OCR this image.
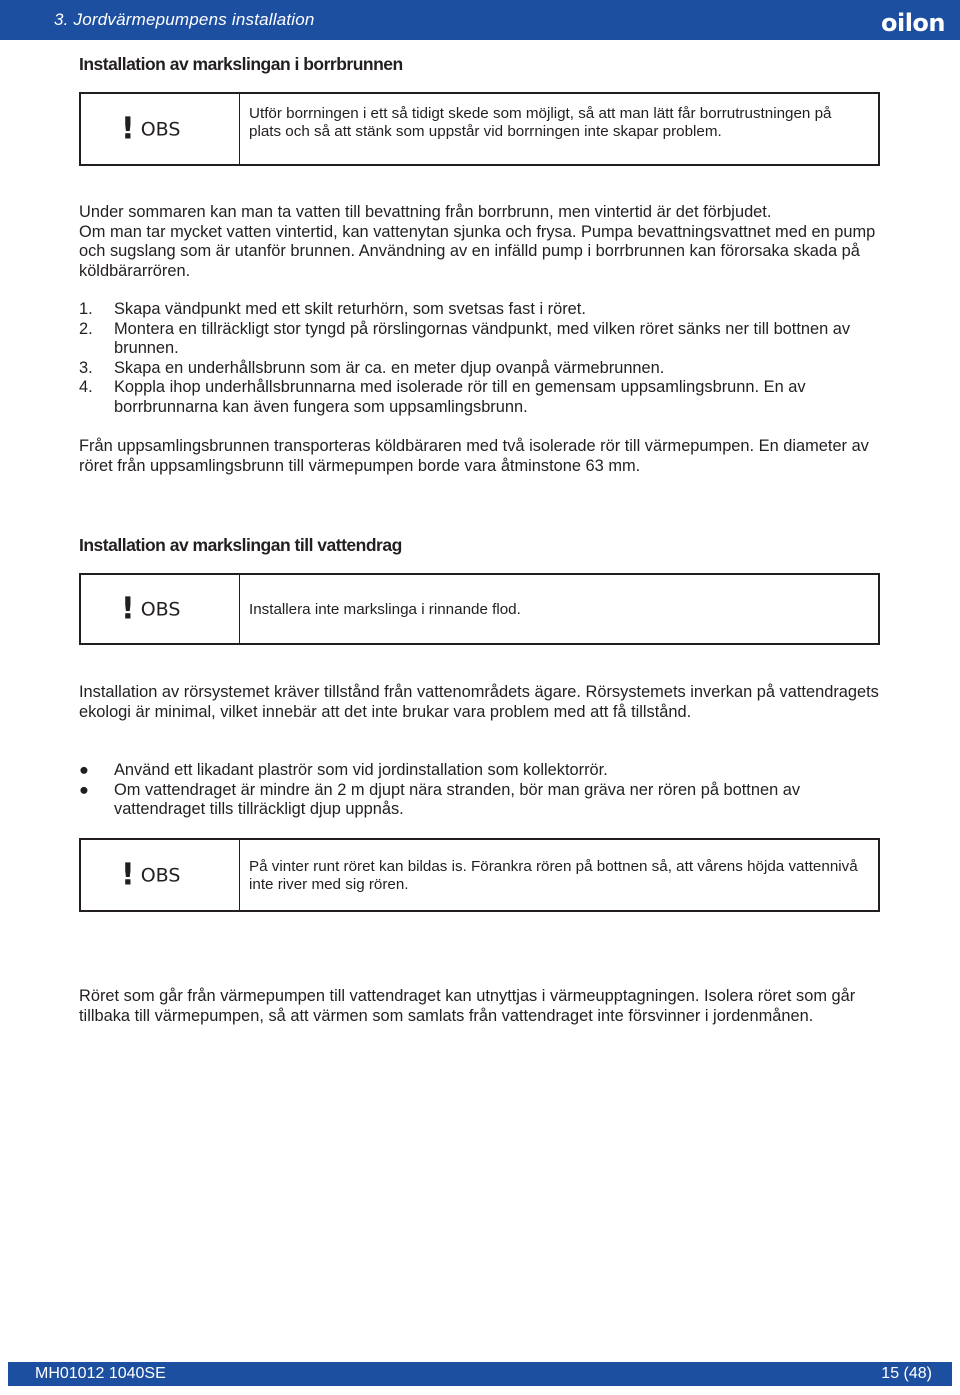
3. Jordvärmepumpens installation	oilon
Installation av markslingan i borrbrunnen
! OBS
Utför borrningen i ett så tidigt skede som möjligt, så att man lätt får borrutrustningen på plats och så att stänk som uppstår vid borrningen inte skapar problem.
Under sommaren kan man ta vatten till bevattning från borrbrunn, men vintertid är det förbjudet.
Om man tar mycket vatten vintertid, kan vattenytan sjunka och frysa. Pumpa bevattningsvattnet med en pump och sugslang som är utanför brunnen. Användning av en infälld pump i borrbrunnen kan förorsaka skada på köldbärarrören.
1. Skapa vändpunkt med ett skilt returhörn, som svetsas fast i röret.
2. Montera en tillräckligt stor tyngd på rörslingornas vändpunkt, med vilken röret sänks ner till bottnen av brunnen.
3. Skapa en underhållsbrunn som är ca. en meter djup ovanpå värmebrunnen.
4. Koppla ihop underhållsbrunnarna med isolerade rör till en gemensam uppsamlingsbrunn. En av borrbrunnarna kan även fungera som uppsamlingsbrunn.
Från uppsamlingsbrunnen transporteras köldbäraren med två isolerade rör till värmepumpen. En diameter av röret från uppsamlingsbrunn till värmepumpen borde vara åtminstone 63 mm.
Installation av markslingan till vattendrag
! OBS	Installera inte markslinga i rinnande flod.
Installation av rörsystemet kräver tillstånd från vattenområdets ägare. Rörsystemets inverkan på vattendragets ekologi är minimal, vilket innebär att det inte brukar vara problem med att få tillstånd.
● Använd ett likadant plaströr som vid jordinstallation som kollektorrör.
● Om vattendraget är mindre än 2 m djupt nära stranden, bör man gräva ner rören på bottnen av vattendraget tills tillräckligt djup uppnås.
! OBS	På vinter runt röret kan bildas is. Förankra rören på bottnen så, att vårens höjda vattennivå inte river med sig rören.
Röret som går från värmepumpen till vattendraget kan utnyttjas i värmeupptagningen. Isolera röret som går tillbaka till värmepumpen, så att värmen som samlats från vattendraget inte försvinner i jordenmånen.
MH01012 1040SE	15 (48)
